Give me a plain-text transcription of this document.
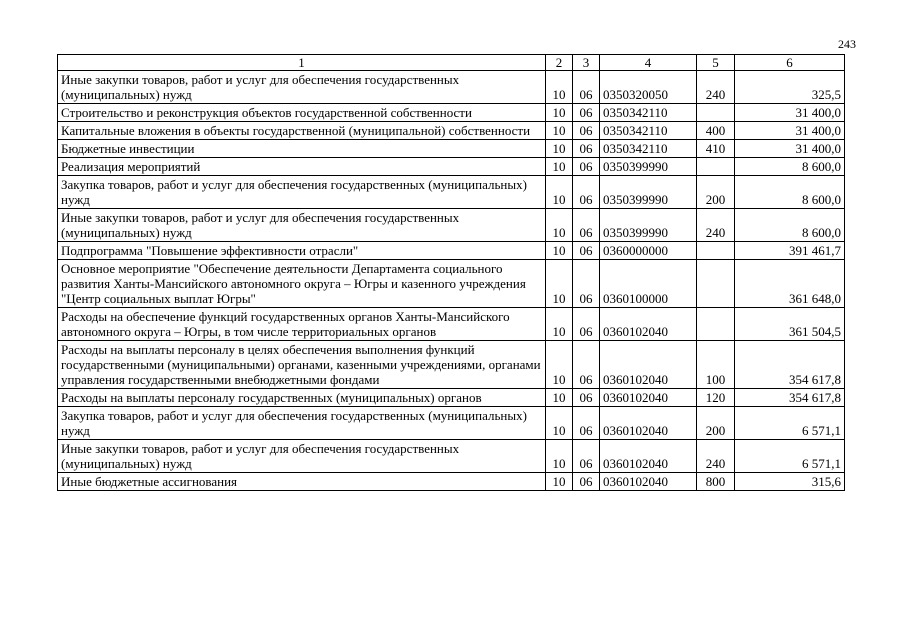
243
1	2	3	4	5	6
Иные закупки товаров, работ и услуг для обеспечения государственных (муниципальных) нужд	10	06	0350320050	240	325,5
Строительство и реконструкция объектов государственной собственности	10	06	0350342110		31 400,0
Капитальные вложения в объекты государственной (муниципальной) собственности	10	06	0350342110	400	31 400,0
Бюджетные инвестиции	10	06	0350342110	410	31 400,0
Реализация мероприятий	10	06	0350399990		8 600,0
Закупка товаров, работ и услуг для обеспечения государственных (муниципальных) нужд	10	06	0350399990	200	8 600,0
Иные закупки товаров, работ и услуг для обеспечения государственных (муниципальных) нужд	10	06	0350399990	240	8 600,0
Подпрограмма "Повышение эффективности отрасли"	10	06	0360000000		391 461,7
Основное мероприятие "Обеспечение деятельности Департамента социального развития Ханты-Мансийского автономного округа – Югры и казенного учреждения "Центр социальных выплат Югры"	10	06	0360100000		361 648,0
Расходы на обеспечение функций государственных органов Ханты-Мансийского автономного округа – Югры, в том числе территориальных органов	10	06	0360102040		361 504,5
Расходы на выплаты персоналу в целях обеспечения выполнения функций государственными (муниципальными) органами, казенными учреждениями, органами управления государственными внебюджетными фондами	10	06	0360102040	100	354 617,8
Расходы на выплаты персоналу государственных (муниципальных) органов	10	06	0360102040	120	354 617,8
Закупка товаров, работ и услуг для обеспечения государственных (муниципальных) нужд	10	06	0360102040	200	6 571,1
Иные закупки товаров, работ и услуг для обеспечения государственных (муниципальных) нужд	10	06	0360102040	240	6 571,1
Иные бюджетные ассигнования	10	06	0360102040	800	315,6
